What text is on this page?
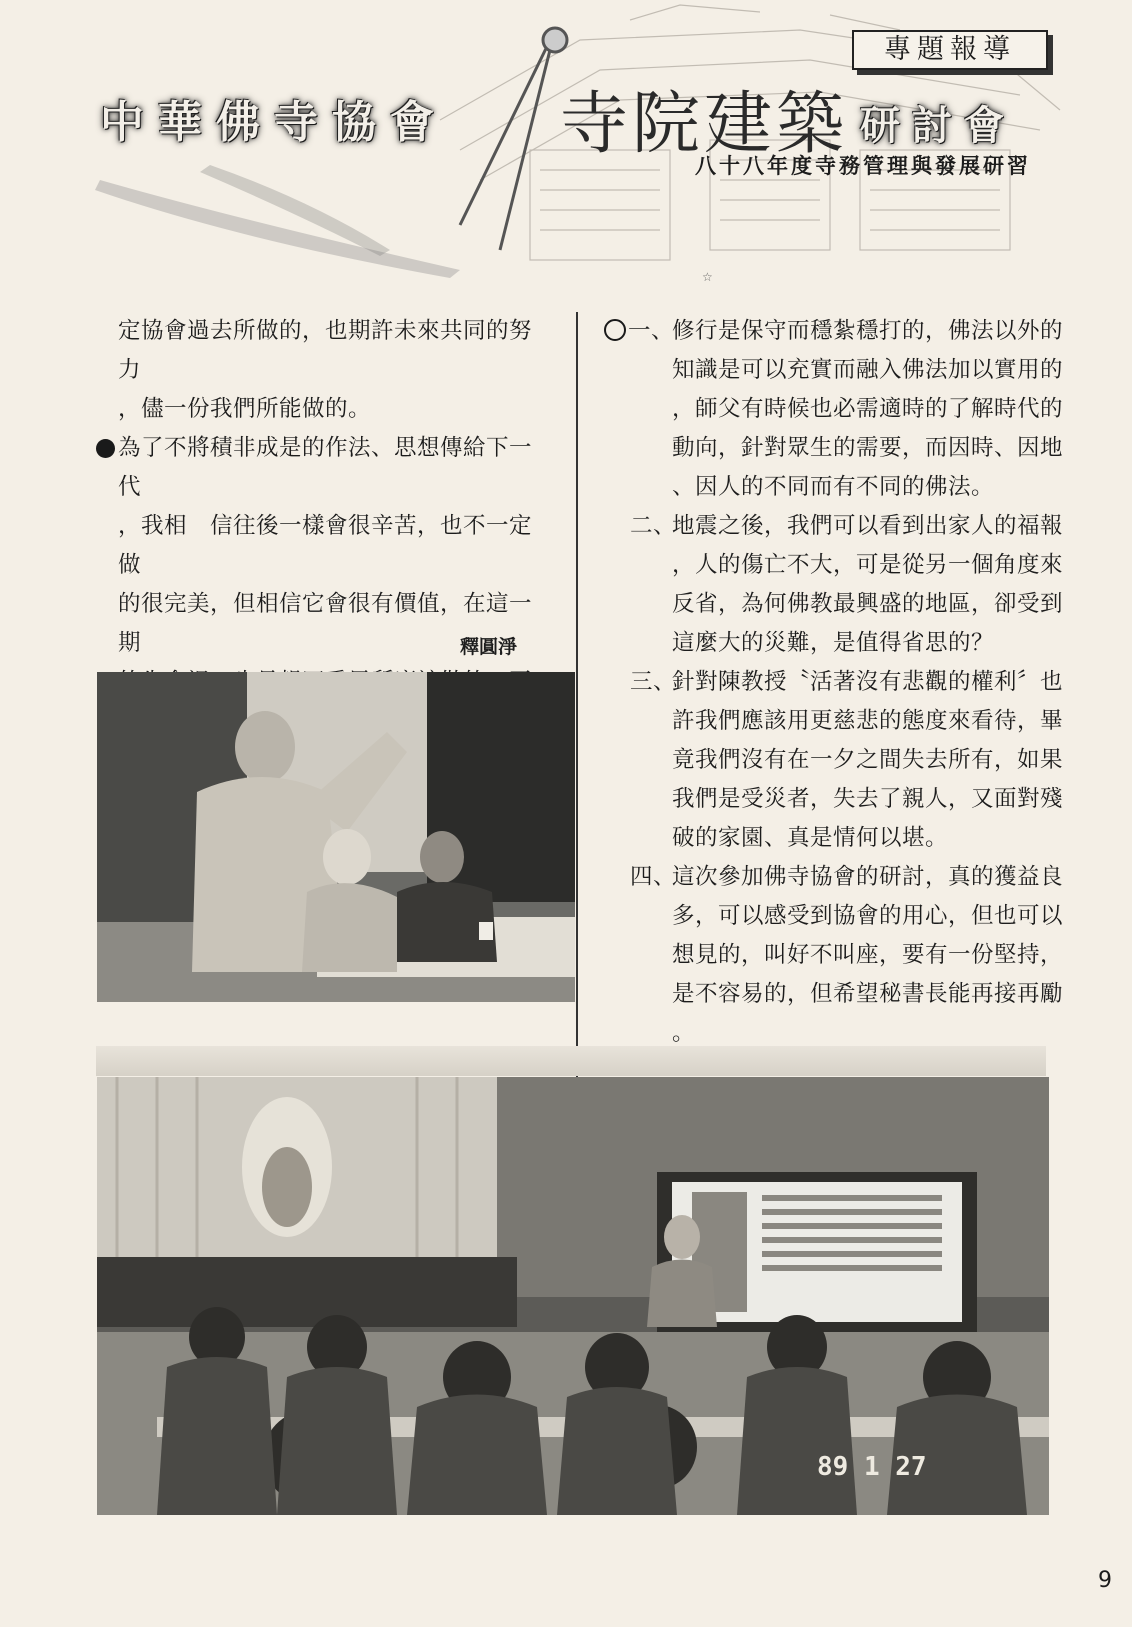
專題報導
中華佛寺協會 寺院建築 研討會
八十八年度寺務管理與發展研習
☆
定協會過去所做的，也期許未來共同的努力
，儘一份我們所能做的。
為了不將積非成是的作法、思想傳給下一代
，我相　信往後一樣會很辛苦，也不一定做
的很完美，但相信它會很有價值，在這一期	釋圓淨
一、
修行是保守而穩紮穩打的，佛法以外的
知識是可以充實而融入佛法加以實用的
，師父有時候也必需適時的了解時代的
動向，針對眾生的需要，而因時、因地
、因人的不同而有不同的佛法。
二、
地震之後，我們可以看到出家人的福報
，人的傷亡不大，可是從另一個角度來
反省，為何佛教最興盛的地區，卻受到
這麼大的災難，是值得省思的？
三、
針對陳教授〝活著沒有悲觀的權利〞也
許我們應該用更慈悲的態度來看待，畢
竟我們沒有在一夕之間失去所有，如果
我們是受災者，失去了親人，又面對殘
破的家園、真是情何以堪。
四、
這次參加佛寺協會的研討，真的獲益良
多，可以感受到協會的用心，但也可以
想見的，叫好不叫座，要有一份堅持，
是不容易的，但希望秘書長能再接再勵
。
89 1 27
9
